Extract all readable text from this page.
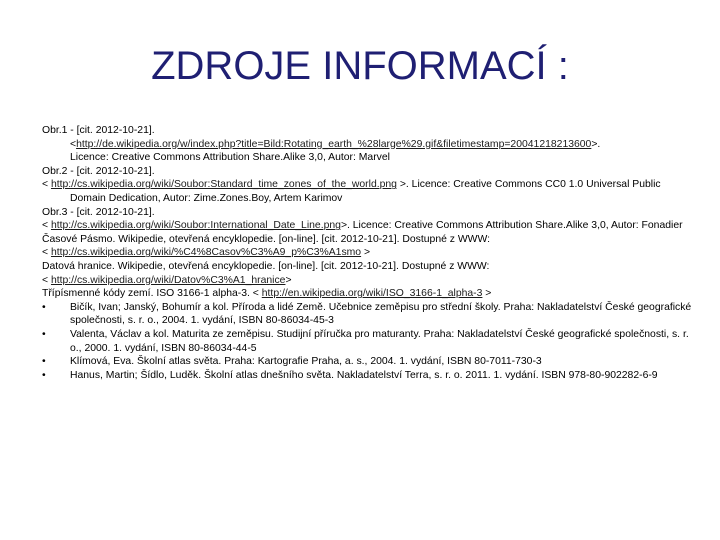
ZDROJE INFORMACÍ :
Obr.1 - [cit. 2012-10-21].
<http://de.wikipedia.org/w/index.php?title=Bild:Rotating_earth_%28large%29.gif&filetimestamp=20041218213600>.
Licence: Creative Commons Attribution Share.Alike 3,0, Autor: Marvel
Obr.2 - [cit. 2012-10-21].
< http://cs.wikipedia.org/wiki/Soubor:Standard_time_zones_of_the_world.png >. Licence: Creative Commons CC0 1.0 Universal Public Domain Dedication, Autor: Zime.Zones.Boy, Artem Karimov
Obr.3 - [cit. 2012-10-21].
< http://cs.wikipedia.org/wiki/Soubor:International_Date_Line.png>. Licence: Creative Commons Attribution Share.Alike 3,0, Autor: Fonadier
Časové Pásmo. Wikipedie, otevřená encyklopedie. [on-line]. [cit. 2012-10-21]. Dostupné z WWW:
< http://cs.wikipedia.org/wiki/%C4%8Casov%C3%A9_p%C3%A1smo >
Datová hranice. Wikipedie, otevřená encyklopedie. [on-line]. [cit. 2012-10-21]. Dostupné z WWW:
< http://cs.wikipedia.org/wiki/Datov%C3%A1_hranice>
Třípísmenné kódy zemí. ISO 3166-1 alpha-3. < http://en.wikipedia.org/wiki/ISO_3166-1_alpha-3 >
•	Bičík, Ivan; Janský, Bohumír a kol. Příroda a lidé Země. Učebnice zeměpisu pro střední školy. Praha: Nakladatelství České geografické společnosti, s. r. o., 2004. 1. vydání, ISBN 80-86034-45-3
•	Valenta, Václav a kol. Maturita ze zeměpisu. Studijní příručka pro maturanty. Praha: Nakladatelství České geografické společnosti, s. r. o., 2000. 1. vydání, ISBN 80-86034-44-5
•	Klímová, Eva. Školní atlas světa. Praha: Kartografie Praha, a. s., 2004. 1. vydání, ISBN 80-7011-730-3
•	Hanus, Martin; Šídlo, Luděk. Školní atlas dnešního světa. Nakladatelství Terra, s. r. o. 2011. 1. vydání. ISBN 978-80-902282-6-9
